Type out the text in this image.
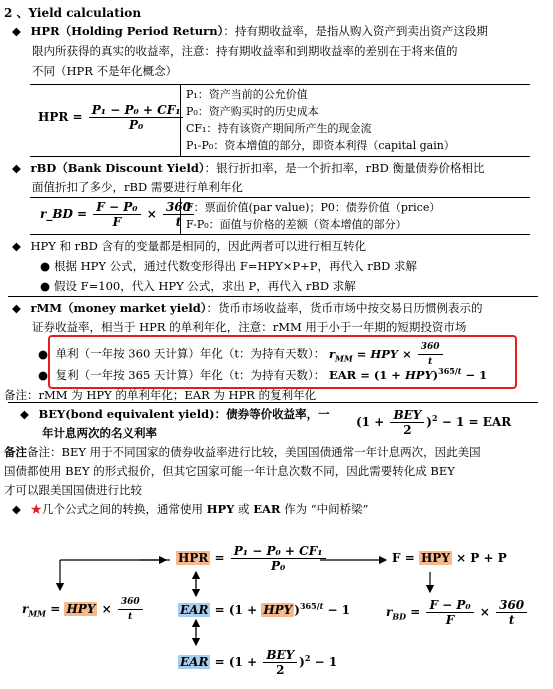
2 、Yield calculation
◆ HPR（Holding Period Return）：持有期收益率，是指从购入资产到卖出资产这段期
限内所获得的真实的收益率，注意：持有期收益率和到期收益率的差别在于将来值的
不同（HPR 不是年化概念）
HPR = $\frac{\text{P₁ − P₀ + CF₁}}{\text{P₀}}$
P₁：资产当前的公允价值
P₀：资产购买时的历史成本
CF₁：持有该资产期间所产生的现金流
P₁-P₀：资本增值的部分，即资本利得（capital gain）
◆ rBD（Bank Discount Yield）：银行折扣率，是一个折扣率，rBD 衡量债券价格相比
面值折扣了多少，rBD 需要进行单利年化
r_BD = $\frac{\text{F − P₀}}{F} \times \frac{360}{t}$
F：票面价值(par value)；P0：债券价值（price）
F-P₀：面值与价格的差额（资本增值的部分）
◆ HPY 和 rBD 含有的变量都是相同的，因此两者可以进行相互转化
● 根据 HPY 公式，通过代数变形得出 F=HPY×P+P，再代入 rBD 求解
● 假设 F=100，代入 HPY 公式，求出 P，再代入 rBD 求解
◆ rMM（money market yield）：货币市场收益率，货币市场中按交易日历惯例表示的
证券收益率，相当于 HPR 的单利年化，注意：rMM 用于小于一年期的短期投资市场
● 单利（一年按 360 天计算）年化（t：为持有天数）： $r_{MM}$ = HPY × $\frac{360}{t}$
● 复利（一年按 365 天计算）年化（t：为持有天数）： EAR = (1 + HPY)$^{365/t}$ − 1
备注：rMM 为 HPY 的单利年化；EAR 为 HPR 的复利年化
◆ BEY(bond equivalent yield)：债券等价收益率，一
年计息两次的名义利率
$(1 + \frac{\text{BEY}}{2} )^2 - 1$ = EAR
备注备注：BEY 用于不同国家的债券收益率进行比较，美国国债通常一年计息两次，因此美国
国债都使用 BEY 的形式报价，但其它国家可能一年计息次数不同，因此需要转化成 BEY
才可以跟美国国债进行比较
◆ ★几个公式之间的转换，通常使用 HPY 或 EAR 作为 “中间桥梁”
HPR = $\frac{\text{P₁ − P₀ + CF₁}}{\text{P₀}}$	F = HPY × P + P
$r_{MM}$ = HPY × $\frac{360}{t}$	EAR = (1 + HPY )$^{365/t}$ − 1	$r_{BD} = \frac{\text{F − P₀}}{F} \times \frac{360}{t}$
EAR = $(1 + \frac{\text{BEY}}{2} )^2 - 1$
